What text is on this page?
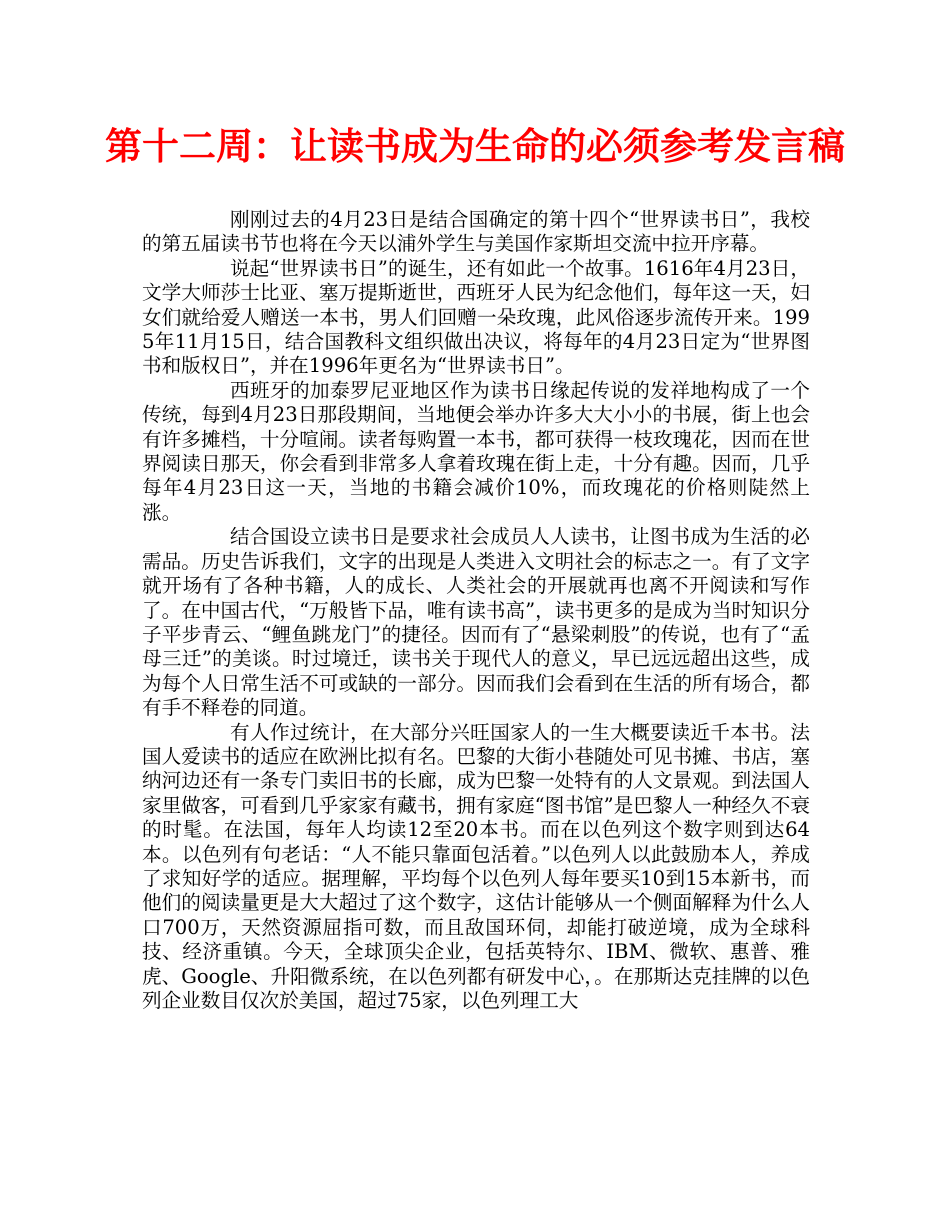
第十二周：让读书成为生命的必须参考发言稿

刚刚过去的4月23日是结合国确定的第十四个“世界读书日”，我校的第五届读书节也将在今天以浦外学生与美国作家斯坦交流中拉开序幕。

说起“世界读书日”的诞生，还有如此一个故事。1616年4月23日，文学大师莎士比亚、塞万提斯逝世，西班牙人民为纪念他们，每年这一天，妇女们就给爱人赠送一本书，男人们回赠一朵玫瑰，此风俗逐步流传开来。1995年11月15日，结合国教科文组织做出决议，将每年的4月23日定为“世界图书和版权日”，并在1996年更名为“世界读书日”。

西班牙的加泰罗尼亚地区作为读书日缘起传说的发祥地构成了一个传统，每到4月23日那段期间，当地便会举办许多大大小小的书展，街上也会有许多摊档，十分喧闹。读者每购置一本书，都可获得一枝玫瑰花，因而在世界阅读日那天，你会看到非常多人拿着玫瑰在街上走，十分有趣。因而，几乎每年4月23日这一天，当地的书籍会减价10%，而玫瑰花的价格则陡然上涨。

结合国设立读书日是要求社会成员人人读书，让图书成为生活的必需品。历史告诉我们，文字的出现是人类进入文明社会的标志之一。有了文字就开场有了各种书籍，人的成长、人类社会的开展就再也离不开阅读和写作了。在中国古代，“万般皆下品，唯有读书高”，读书更多的是成为当时知识分子平步青云、“鲤鱼跳龙门”的捷径。因而有了“悬梁刺股”的传说，也有了“孟母三迁”的美谈。时过境迁，读书关于现代人的意义，早已远远超出这些，成为每个人日常生活不可或缺的一部分。因而我们会看到在生活的所有场合，都有手不释卷的同道。

有人作过统计，在大部分兴旺国家人的一生大概要读近千本书。法国人爱读书的适应在欧洲比拟有名。巴黎的大街小巷随处可见书摊、书店，塞纳河边还有一条专门卖旧书的长廊，成为巴黎一处特有的人文景观。到法国人家里做客，可看到几乎家家有藏书，拥有家庭“图书馆”是巴黎人一种经久不衰的时髦。在法国，每年人均读12至20本书。而在以色列这个数字则到达64本。以色列有句老话：“人不能只靠面包活着。”以色列人以此鼓励本人，养成了求知好学的适应。据理解，平均每个以色列人每年要买10到15本新书，而他们的阅读量更是大大超过了这个数字，这估计能够从一个侧面解释为什么人口700万，天然资源屈指可数，而且敌国环伺，却能打破逆境，成为全球科技、经济重镇。今天，全球顶尖企业，包括英特尔、IBM、微软、惠普、雅虎、Google、升阳微系统，在以色列都有研发中心，。在那斯达克挂牌的以色列企业数目仅次於美国，超过75家，以色列理工大
